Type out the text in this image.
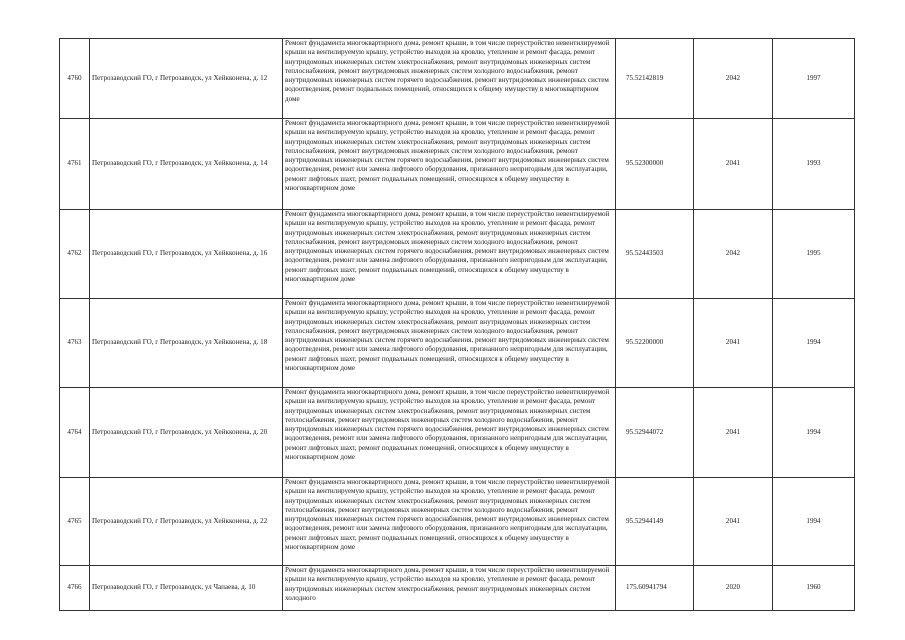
4760	Петрозаводский ГО, г Петрозаводск, ул Хейкконена, д. 12	Ремонт фундамента многоквартирного дома, ремонт крыши, в том числе переустройство невентилируемой крыши на вентилируемую крышу, устройство выходов на кровлю, утепление и ремонт фасада, ремонт внутридомовых инженерных систем электроснабжения, ремонт внутридомовых инженерных систем теплоснабжения, ремонт внутридомовых инженерных систем холодного водоснабжения, ремонт внутридомовых инженерных систем горячего водоснабжения, ремонт внутридомовых инженерных систем водоотведения, ремонт подвальных помещений, относящихся к общему имуществу в многоквартирном доме	75.52142819	2042	1997
4761	Петрозаводский ГО, г Петрозаводск, ул Хейкконена, д. 14	Ремонт фундамента многоквартирного дома, ремонт крыши, в том числе переустройство невентилируемой крыши на вентилируемую крышу, устройство выходов на кровлю, утепление и ремонт фасада, ремонт внутридомовых инженерных систем электроснабжения, ремонт внутридомовых инженерных систем теплоснабжения, ремонт внутридомовых инженерных систем холодного водоснабжения, ремонт внутридомовых инженерных систем горячего водоснабжения, ремонт внутридомовых инженерных систем водоотведения, ремонт или замена лифтового оборудования, признанного непригодным для эксплуатации, ремонт лифтовых шахт, ремонт подвальных помещений, относящихся к общему имуществу в многоквартирном доме	95.52300000	2041	1993
4762	Петрозаводский ГО, г Петрозаводск, ул Хейкконена, д. 16	Ремонт фундамента многоквартирного дома, ремонт крыши, в том числе переустройство невентилируемой крыши на вентилируемую крышу, устройство выходов на кровлю, утепление и ремонт фасада, ремонт внутридомовых инженерных систем электроснабжения, ремонт внутридомовых инженерных систем теплоснабжения, ремонт внутридомовых инженерных систем холодного водоснабжения, ремонт внутридомовых инженерных систем горячего водоснабжения, ремонт внутридомовых инженерных систем водоотведения, ремонт или замена лифтового оборудования, признанного непригодным для эксплуатации, ремонт лифтовых шахт, ремонт подвальных помещений, относящихся к общему имуществу в многоквартирном доме	95.52443503	2042	1995
4763	Петрозаводский ГО, г Петрозаводск, ул Хейкконена, д. 18	Ремонт фундамента многоквартирного дома, ремонт крыши, в том числе переустройство невентилируемой крыши на вентилируемую крышу, устройство выходов на кровлю, утепление и ремонт фасада, ремонт внутридомовых инженерных систем электроснабжения, ремонт внутридомовых инженерных систем теплоснабжения, ремонт внутридомовых инженерных систем холодного водоснабжения, ремонт внутридомовых инженерных систем горячего водоснабжения, ремонт внутридомовых инженерных систем водоотведения, ремонт или замена лифтового оборудования, признанного непригодным для эксплуатации, ремонт лифтовых шахт, ремонт подвальных помещений, относящихся к общему имуществу в многоквартирном доме	95.52200000	2041	1994
4764	Петрозаводский ГО, г Петрозаводск, ул Хейкконена, д. 20	Ремонт фундамента многоквартирного дома, ремонт крыши, в том числе переустройство невентилируемой крыши на вентилируемую крышу, устройство выходов на кровлю, утепление и ремонт фасада, ремонт внутридомовых инженерных систем электроснабжения, ремонт внутридомовых инженерных систем теплоснабжения, ремонт внутридомовых инженерных систем холодного водоснабжения, ремонт внутридомовых инженерных систем горячего водоснабжения, ремонт внутридомовых инженерных систем водоотведения, ремонт или замена лифтового оборудования, признанного непригодным для эксплуатации, ремонт лифтовых шахт, ремонт подвальных помещений, относящихся к общему имуществу в многоквартирном доме	95.52944072	2041	1994
4765	Петрозаводский ГО, г Петрозаводск, ул Хейкконена, д. 22	Ремонт фундамента многоквартирного дома, ремонт крыши, в том числе переустройство невентилируемой крыши на вентилируемую крышу, устройство выходов на кровлю, утепление и ремонт фасада, ремонт внутридомовых инженерных систем электроснабжения, ремонт внутридомовых инженерных систем теплоснабжения, ремонт внутридомовых инженерных систем холодного водоснабжения, ремонт внутридомовых инженерных систем горячего водоснабжения, ремонт внутридомовых инженерных систем водоотведения, ремонт или замена лифтового оборудования, признанного непригодным для эксплуатации, ремонт лифтовых шахт, ремонт подвальных помещений, относящихся к общему имуществу в многоквартирном доме	95.52944149	2041	1994
4766	Петрозаводский ГО, г Петрозаводск, ул Чапаева, д. 10	Ремонт фундамента многоквартирного дома, ремонт крыши, в том числе переустройство невентилируемой крыши на вентилируемую крышу, устройство выходов на кровлю, утепление и ремонт фасада, ремонт внутридомовых инженерных систем электроснабжения, ремонт внутридомовых инженерных систем холодного	175.60941794	2020	1960
